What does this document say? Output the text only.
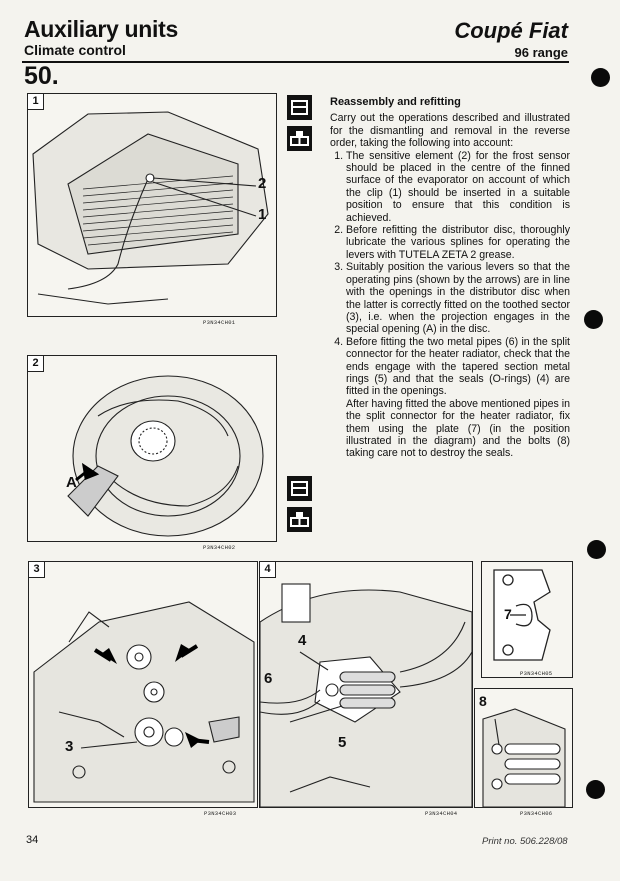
Auxiliary units
Climate control
Coupé Fiat
96 range
50.
1
2
1
P3N34CH01
2
A
P3N34CH02
Reassembly and refitting

Carry out the operations described and illustrated for the dismantling and removal in the reverse order, taking the following into account:

1. The sensitive element (2) for the frost sensor should be placed in the centre of the finned surface of the evaporator on account of which the clip (1) should be inserted in a suitable position to ensure that this condition is achieved.
2. Before refitting the distributor disc, thoroughly lubricate the various splines for operating the levers with TUTELA ZETA 2 grease.
3. Suitably position the various levers so that the operating pins (shown by the arrows) are in line with the openings in the distributor disc when the latter is correctly fitted on the toothed sector (3), i.e. when the projection engages in the special opening (A) in the disc.
4. Before fitting the two metal pipes (6) in the split connector for the heater radiator, check that the ends engage with the tapered section metal rings (5) and that the seals (O-rings) (4) are fitted in the openings.

After having fitted the above mentioned pipes in the split connector for the heater radiator, fix them using the plate (7) (in the position illustrated in the diagram) and the bolts (8) taking care not to destroy the seals.

3
3
P3N34CH03
4
4
6
5
P3N34CH04
7
P3N34CH05
8
P3N34CH06
34	Print no. 506.228/08
